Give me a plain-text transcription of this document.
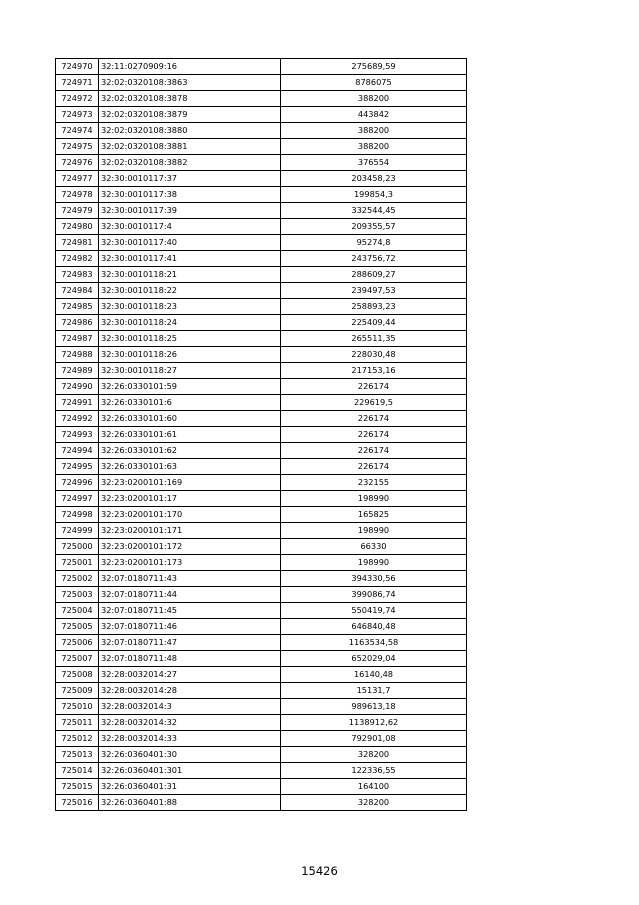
724970	32:11:0270909:16	275689,59
724971	32:02:0320108:3863	8786075
724972	32:02:0320108:3878	388200
724973	32:02:0320108:3879	443842
724974	32:02:0320108:3880	388200
724975	32:02:0320108:3881	388200
724976	32:02:0320108:3882	376554
724977	32:30:0010117:37	203458,23
724978	32:30:0010117:38	199854,3
724979	32:30:0010117:39	332544,45
724980	32:30:0010117:4	209355,57
724981	32:30:0010117:40	95274,8
724982	32:30:0010117:41	243756,72
724983	32:30:0010118:21	288609,27
724984	32:30:0010118:22	239497,53
724985	32:30:0010118:23	258893,23
724986	32:30:0010118:24	225409,44
724987	32:30:0010118:25	265511,35
724988	32:30:0010118:26	228030,48
724989	32:30:0010118:27	217153,16
724990	32:26:0330101:59	226174
724991	32:26:0330101:6	229619,5
724992	32:26:0330101:60	226174
724993	32:26:0330101:61	226174
724994	32:26:0330101:62	226174
724995	32:26:0330101:63	226174
724996	32:23:0200101:169	232155
724997	32:23:0200101:17	198990
724998	32:23:0200101:170	165825
724999	32:23:0200101:171	198990
725000	32:23:0200101:172	66330
725001	32:23:0200101:173	198990
725002	32:07:0180711:43	394330,56
725003	32:07:0180711:44	399086,74
725004	32:07:0180711:45	550419,74
725005	32:07:0180711:46	646840,48
725006	32:07:0180711:47	1163534,58
725007	32:07:0180711:48	652029,04
725008	32:28:0032014:27	16140,48
725009	32:28:0032014:28	15131,7
725010	32:28:0032014:3	989613,18
725011	32:28:0032014:32	1138912,62
725012	32:28:0032014:33	792901,08
725013	32:26:0360401:30	328200
725014	32:26:0360401:301	122336,55
725015	32:26:0360401:31	164100
725016	32:26:0360401:88	328200
15426
